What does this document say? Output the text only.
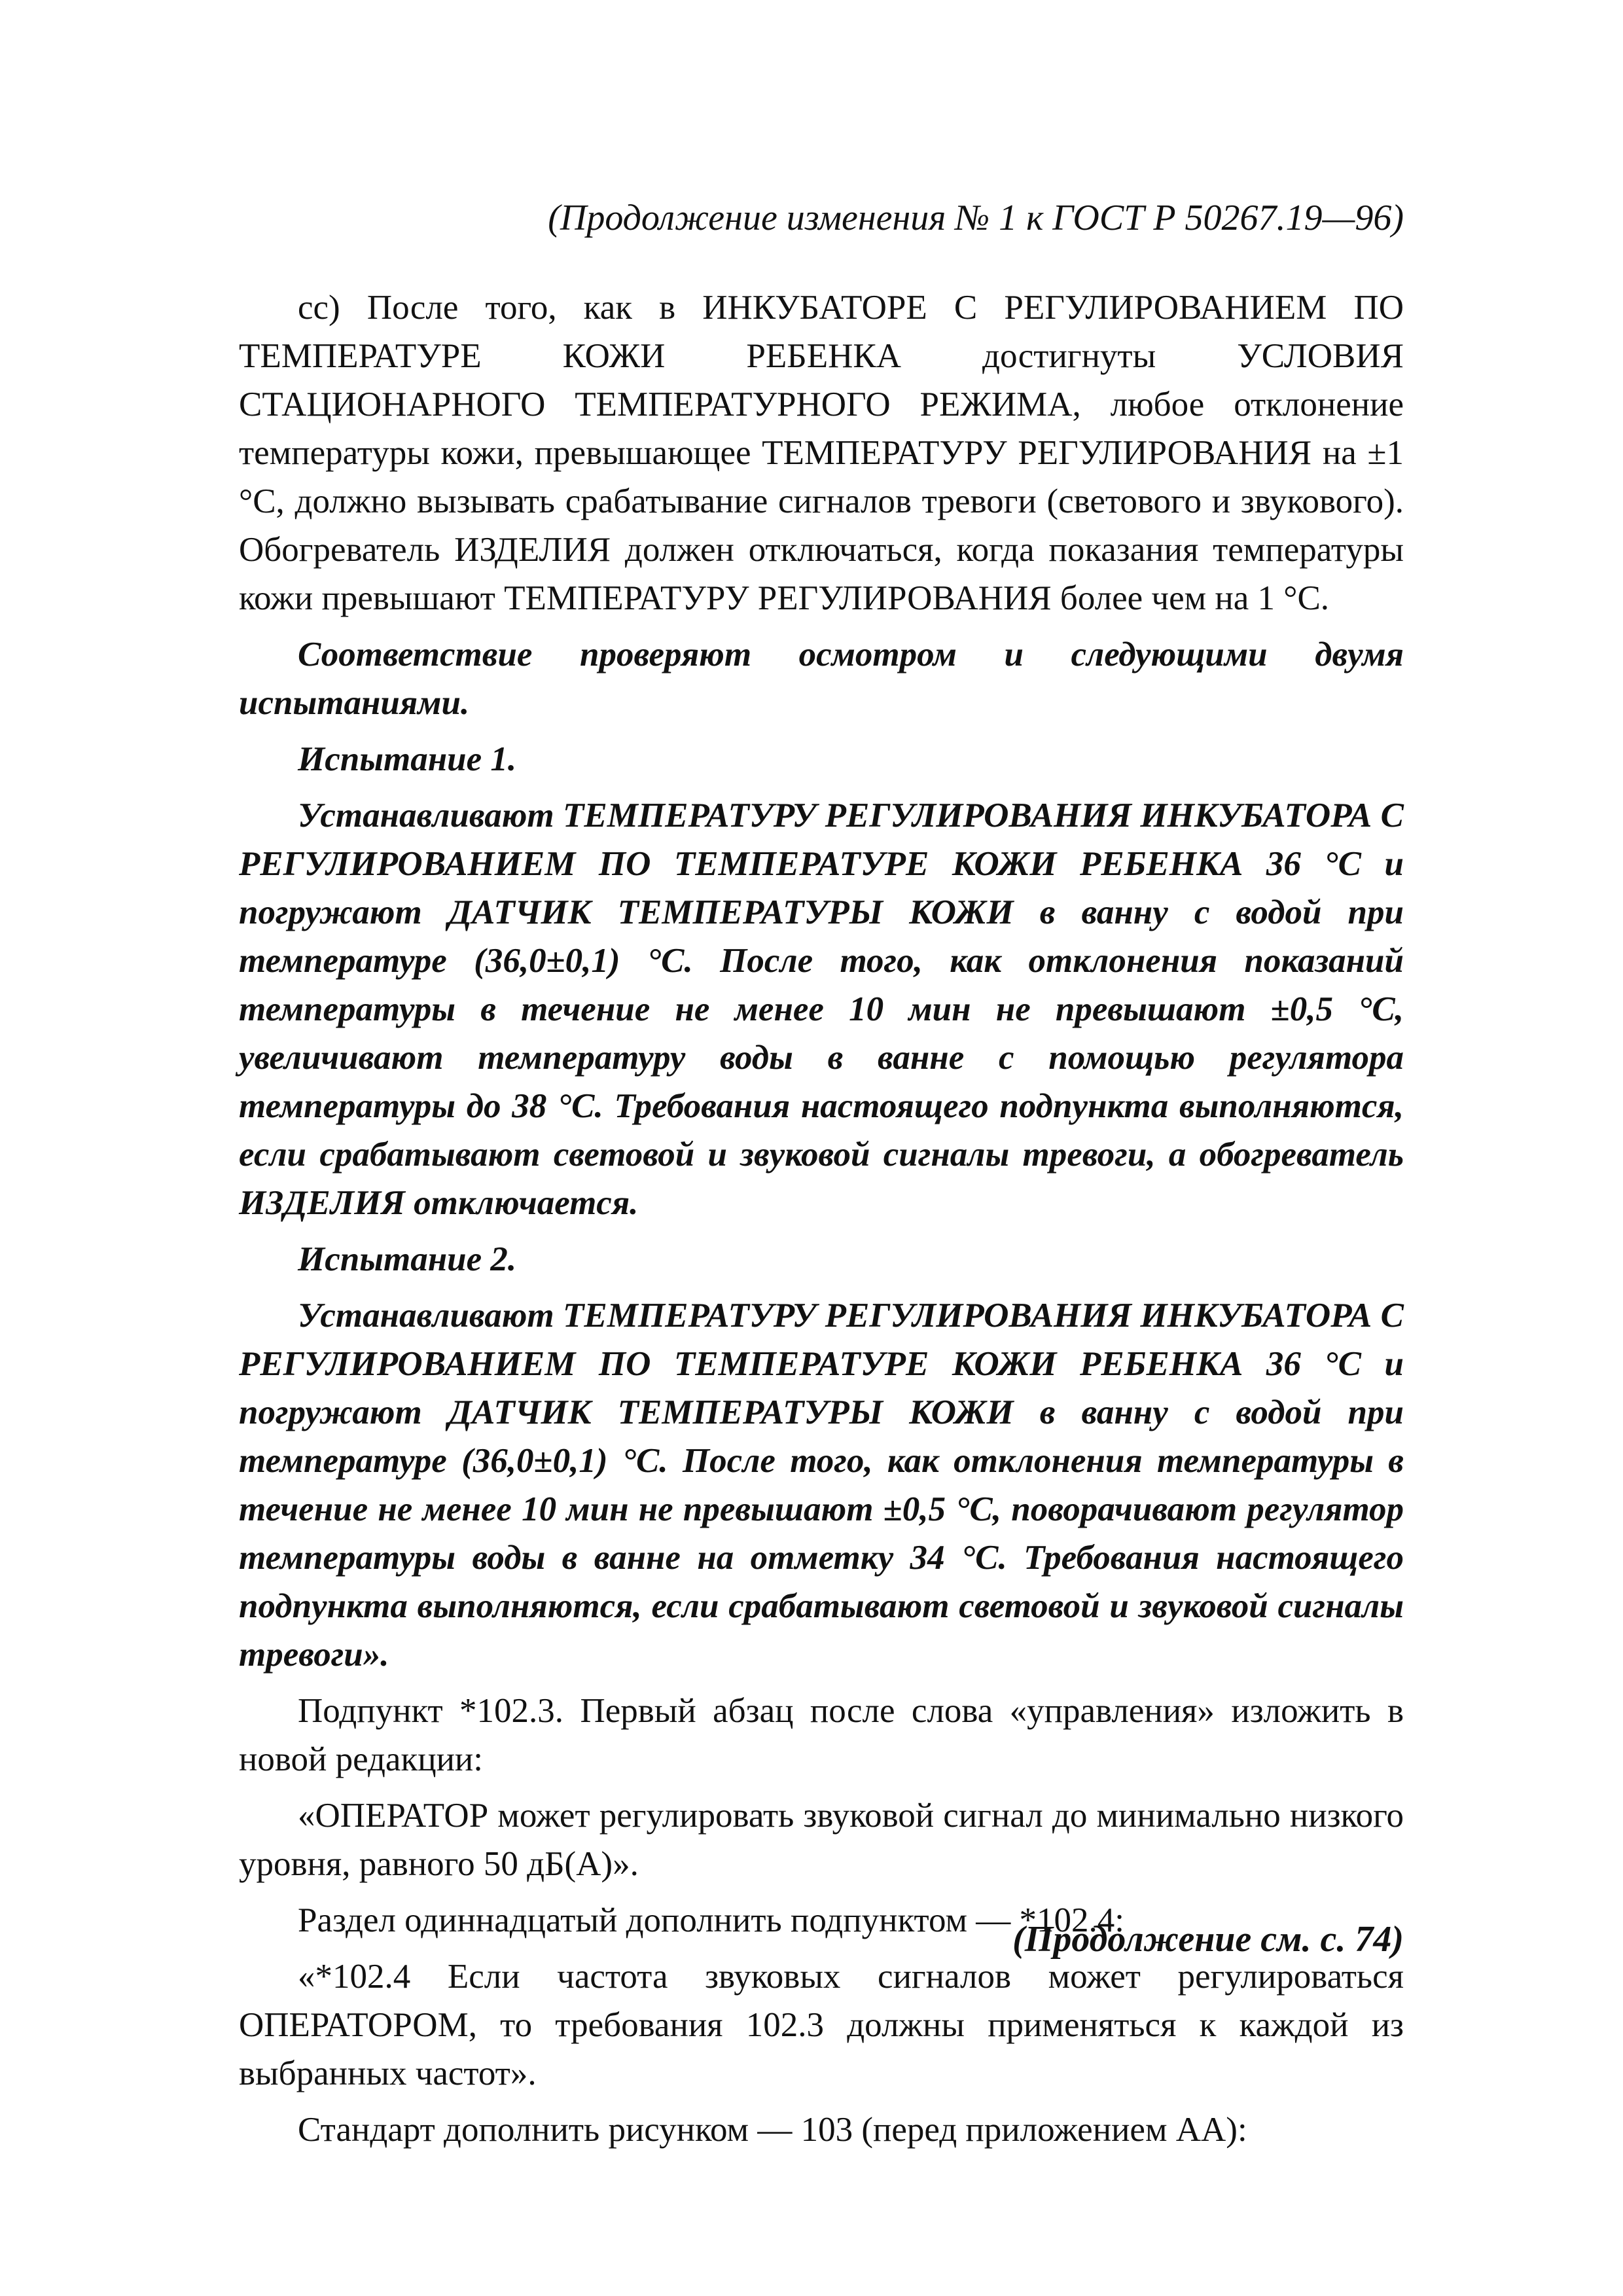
(Продолжение изменения № 1 к ГОСТ Р 50267.19—96)

cc) После того, как в ИНКУБАТОРЕ С РЕГУЛИРОВАНИЕМ ПО ТЕМПЕРАТУРЕ КОЖИ РЕБЕНКА достигнуты УСЛОВИЯ СТАЦИОНАРНОГО ТЕМПЕРАТУРНОГО РЕЖИМА, любое отклонение температуры кожи, превышающее ТЕМПЕРАТУРУ РЕГУЛИРОВАНИЯ на ±1 °С, должно вызывать срабатывание сигналов тревоги (светового и звукового). Обогреватель ИЗДЕЛИЯ должен отключаться, когда показания температуры кожи превышают ТЕМПЕРАТУРУ РЕГУЛИРОВАНИЯ более чем на 1 °С.

Соответствие проверяют осмотром и следующими двумя испытаниями.

Испытание 1.

Устанавливают ТЕМПЕРАТУРУ РЕГУЛИРОВАНИЯ ИНКУБАТОРА С РЕГУЛИРОВАНИЕМ ПО ТЕМПЕРАТУРЕ КОЖИ РЕБЕНКА 36 °С и погружают ДАТЧИК ТЕМПЕРАТУРЫ КОЖИ в ванну с водой при температуре (36,0±0,1) °С. После того, как отклонения показаний температуры в течение не менее 10 мин не превышают ±0,5 °С, увеличивают температуру воды в ванне с помощью регулятора температуры до 38 °С. Требования настоящего подпункта выполняются, если срабатывают световой и звуковой сигналы тревоги, а обогреватель ИЗДЕЛИЯ отключается.

Испытание 2.

Устанавливают ТЕМПЕРАТУРУ РЕГУЛИРОВАНИЯ ИНКУБАТОРА С РЕГУЛИРОВАНИЕМ ПО ТЕМПЕРАТУРЕ КОЖИ РЕБЕНКА 36 °С и погружают ДАТЧИК ТЕМПЕРАТУРЫ КОЖИ в ванну с водой при температуре (36,0±0,1) °С. После того, как отклонения температуры в течение не менее 10 мин не превышают ±0,5 °С, поворачивают регулятор температуры воды в ванне на отметку 34 °С. Требования настоящего подпункта выполняются, если срабатывают световой и звуковой сигналы тревоги».

Подпункт *102.3. Первый абзац после слова «управления» изложить в новой редакции:

«ОПЕРАТОР может регулировать звуковой сигнал до минимально низкого уровня, равного 50 дБ(А)».

Раздел одиннадцатый дополнить подпунктом — *102.4:

«*102.4 Если частота звуковых сигналов может регулироваться ОПЕРАТОРОМ, то требования 102.3 должны применяться к каждой из выбранных частот».

Стандарт дополнить рисунком — 103 (перед приложением АА):

(Продолжение см. с. 74)
